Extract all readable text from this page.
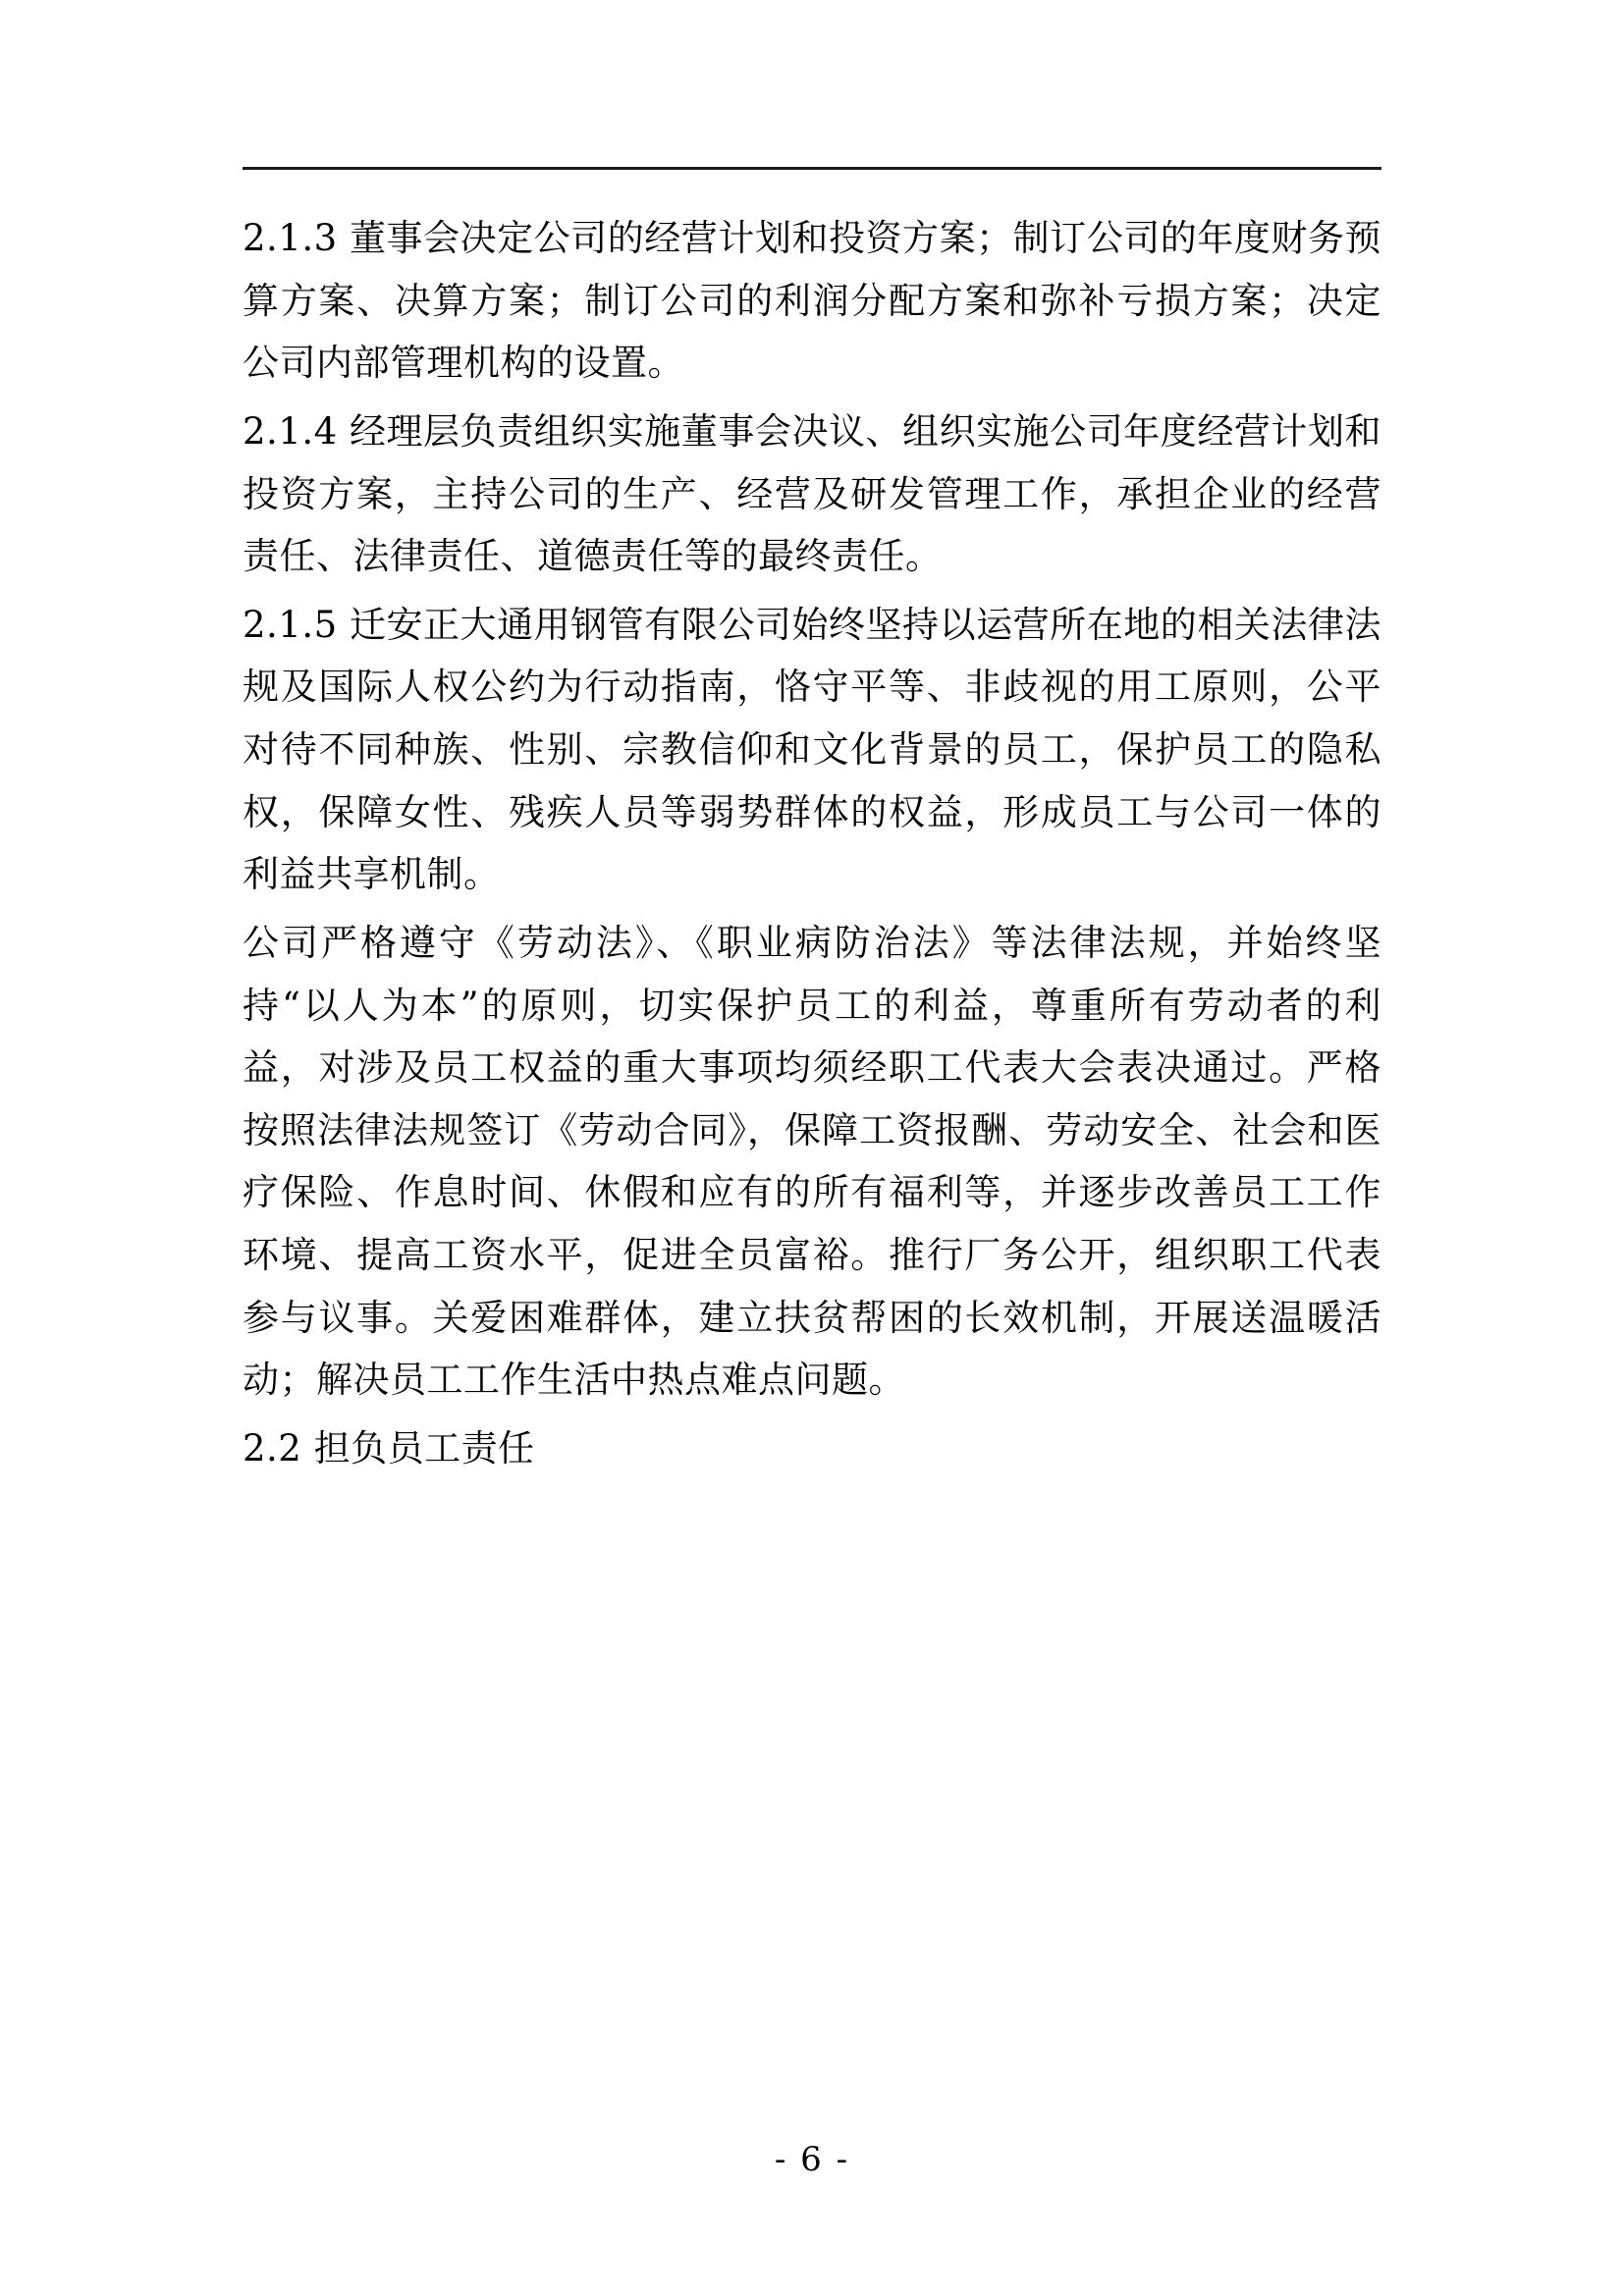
2.1.3 董事会决定公司的经营计划和投资方案；制订公司的年度财务预算方案、决算方案；制订公司的利润分配方案和弥补亏损方案；决定公司内部管理机构的设置。

2.1.4 经理层负责组织实施董事会决议、组织实施公司年度经营计划和投资方案，主持公司的生产、经营及研发管理工作，承担企业的经营责任、法律责任、道德责任等的最终责任。

2.1.5 迁安正大通用钢管有限公司始终坚持以运营所在地的相关法律法规及国际人权公约为行动指南，恪守平等、非歧视的用工原则，公平对待不同种族、性别、宗教信仰和文化背景的员工，保护员工的隐私权，保障女性、残疾人员等弱势群体的权益，形成员工与公司一体的利益共享机制。

公司严格遵守《劳动法》、《职业病防治法》等法律法规，并始终坚持“以人为本”的原则，切实保护员工的利益，尊重所有劳动者的利益，对涉及员工权益的重大事项均须经职工代表大会表决通过。严格按照法律法规签订《劳动合同》，保障工资报酬、劳动安全、社会和医疗保险、作息时间、休假和应有的所有福利等，并逐步改善员工工作环境、提高工资水平，促进全员富裕。推行厂务公开，组织职工代表参与议事。关爱困难群体，建立扶贫帮困的长效机制，开展送温暖活动；解决员工工作生活中热点难点问题。

2.2 担负员工责任

- 6 -
